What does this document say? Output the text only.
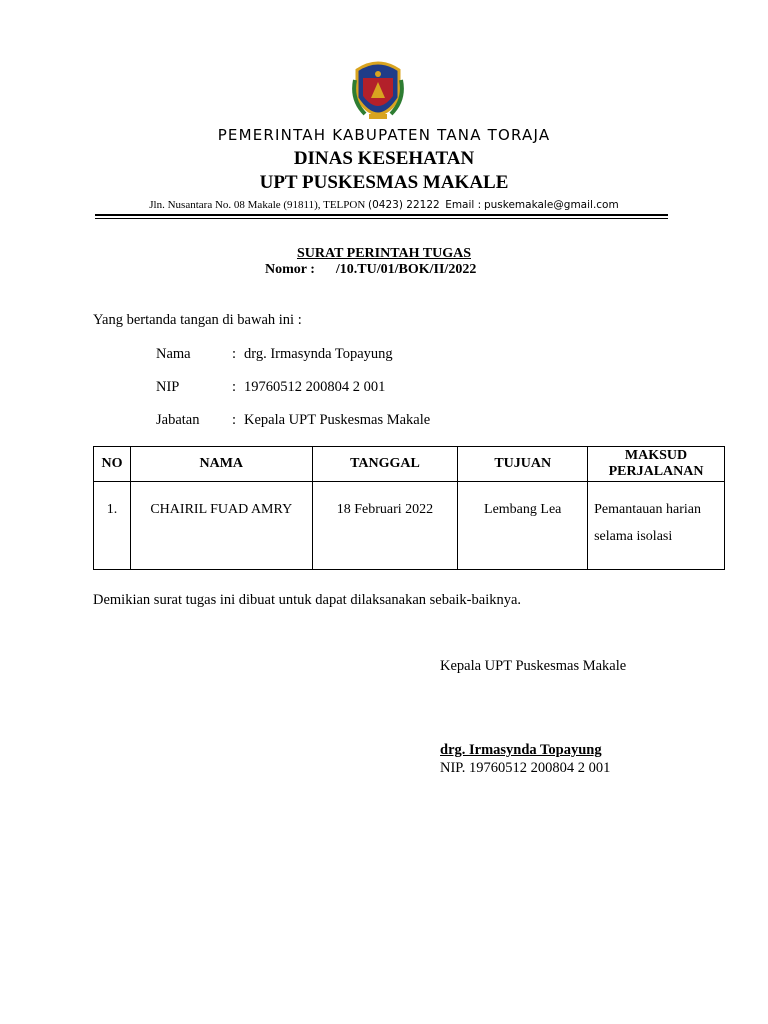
PEMERINTAH KABUPATEN TANA TORAJA
DINAS KESEHATAN
UPT PUSKESMAS MAKALE
Jln. Nusantara No. 08 Makale (91811), TELPON (0423) 22122 Email : puskemakale@gmail.com
SURAT PERINTAH TUGAS
Nomor : /10.TU/01/BOK/II/2022
Yang bertanda tangan di bawah ini :
Nama	: drg. Irmasynda Topayung
NIP	: 19760512 200804 2 001
Jabatan : Kepala UPT Puskesmas Makale
NO	NAMA	TANGGAL	TUJUAN	MAKSUD
PERJALANAN
1.	CHAIRIL FUAD AMRY	18 Februari 2022	Lembang Lea	Pemantauan harian selama isolasi
Demikian surat tugas ini dibuat untuk dapat dilaksanakan sebaik-baiknya.
Kepala UPT Puskesmas Makale
drg. Irmasynda Topayung
NIP. 19760512 200804 2 001
